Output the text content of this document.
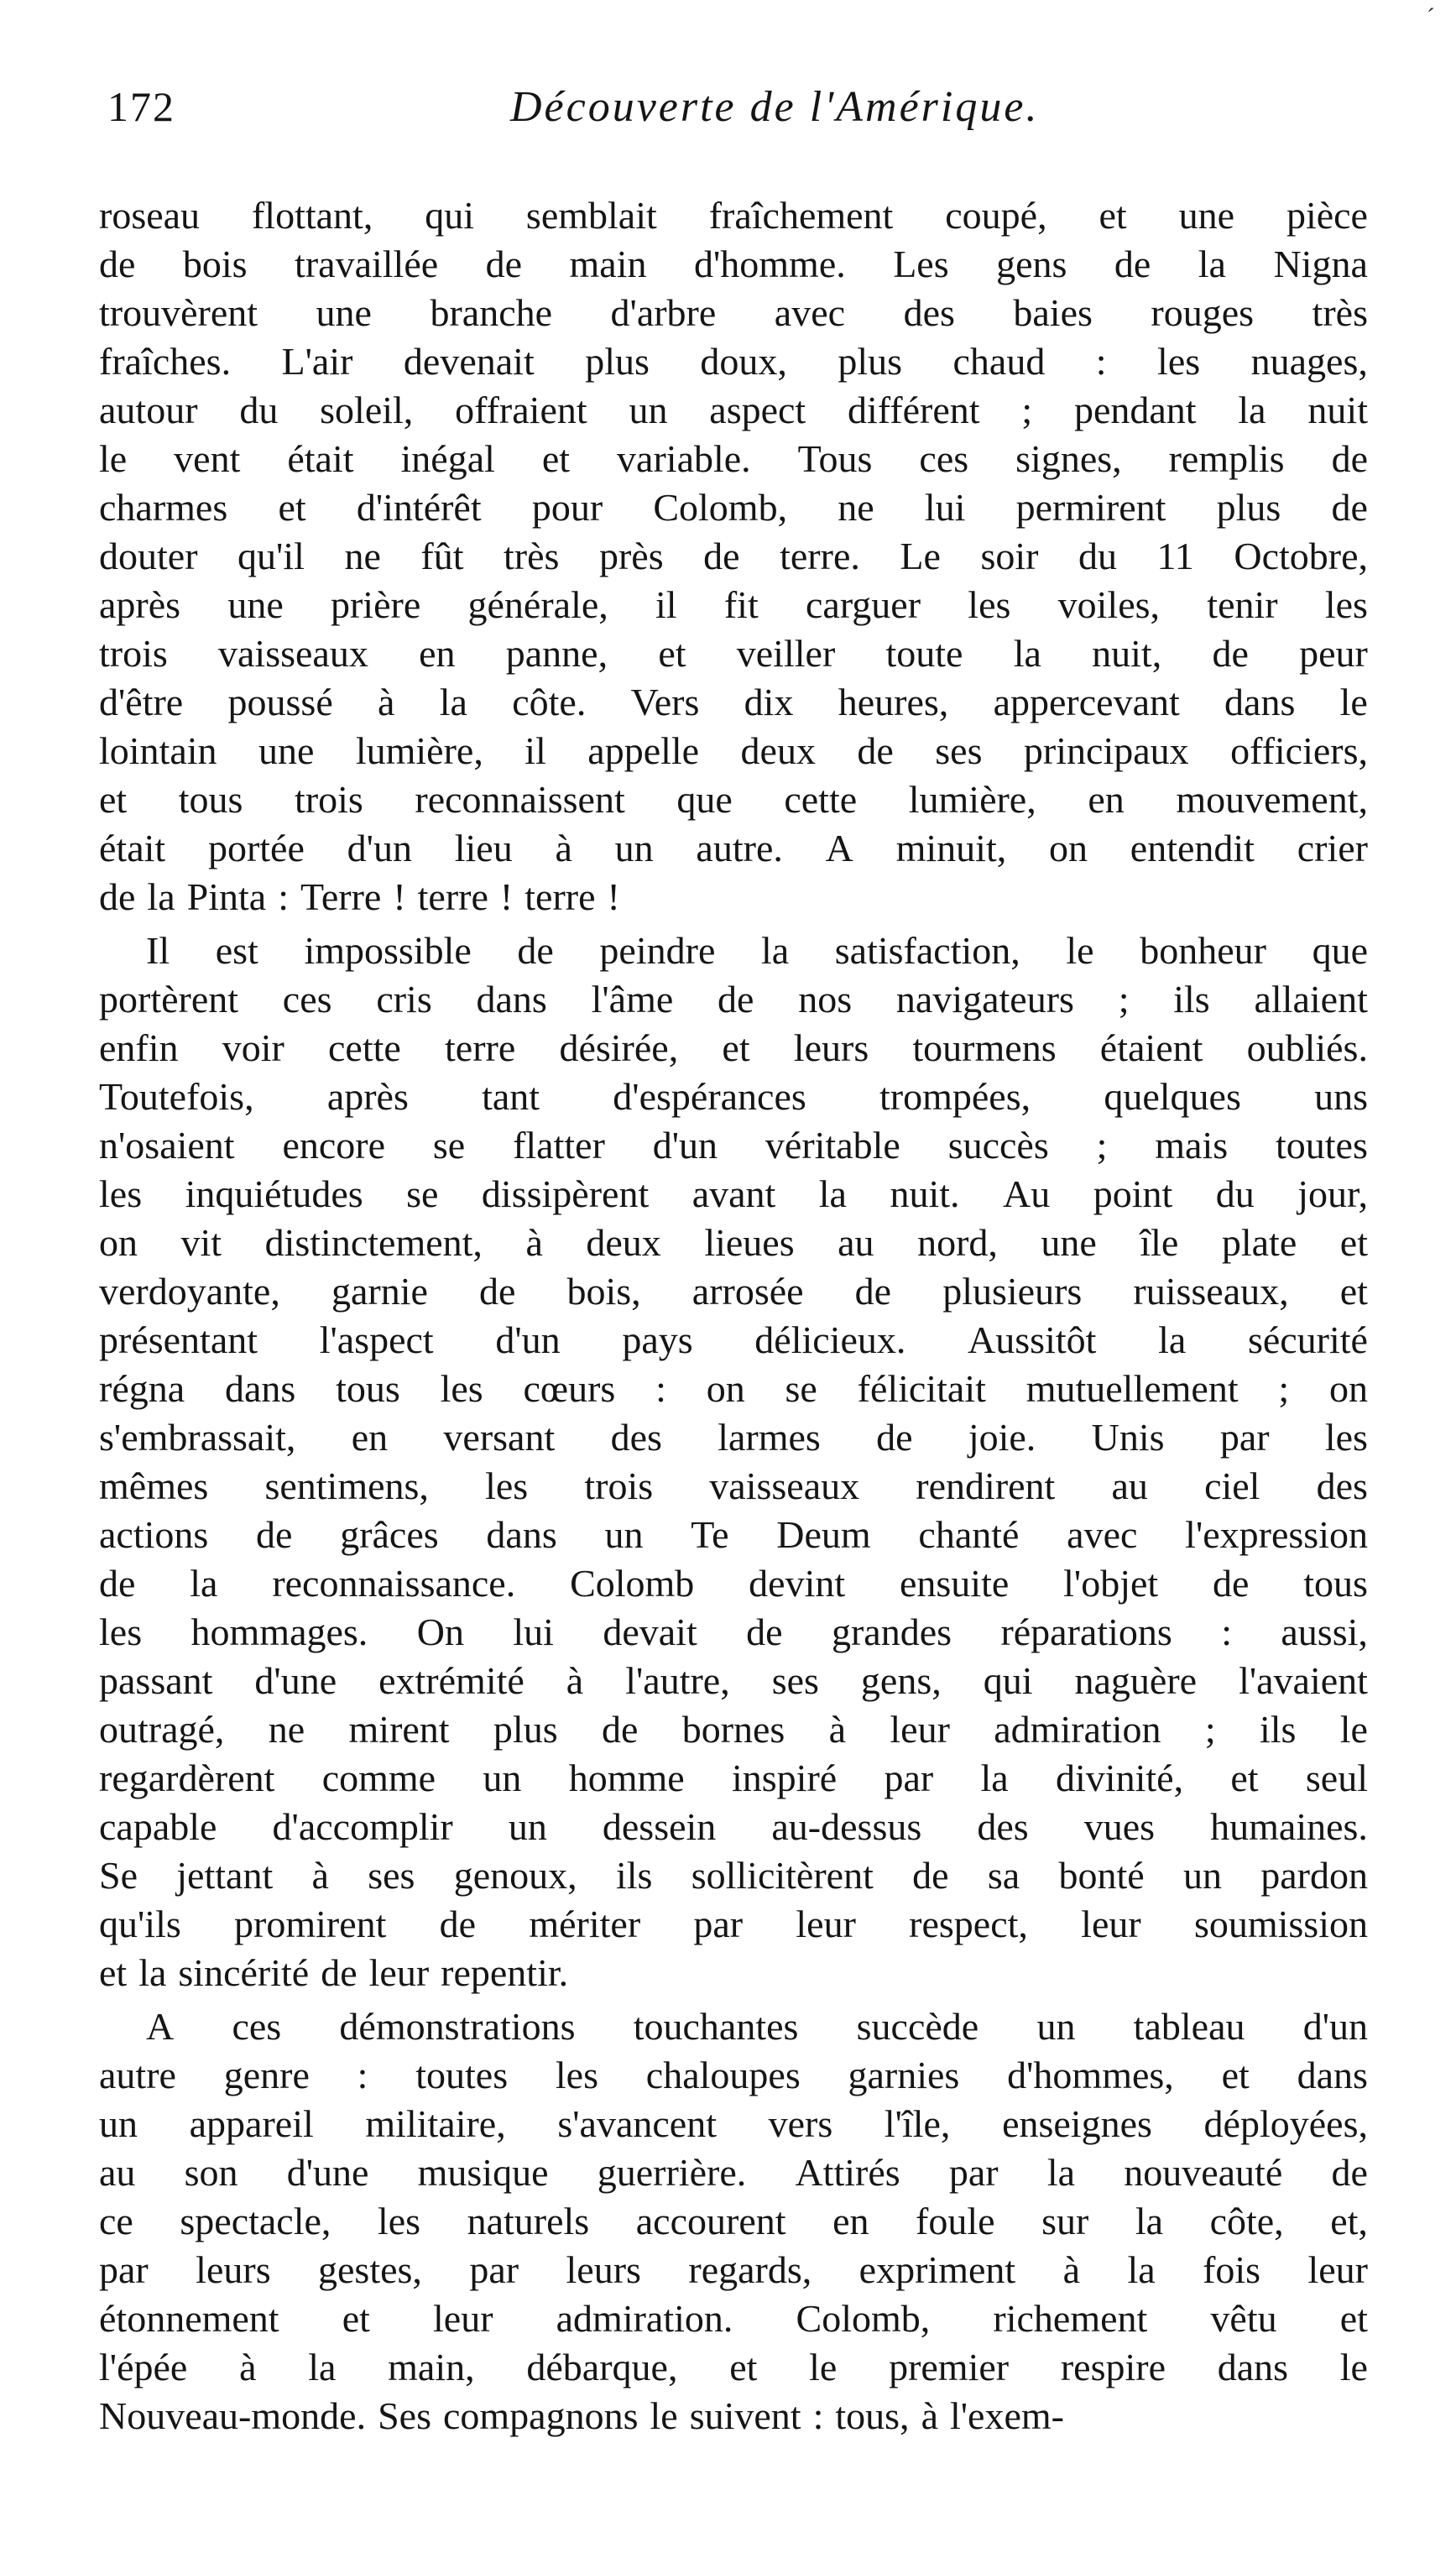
172	Découverte de l'Amérique.
´
roseau flottant, qui semblait fraîchement coupé, et une pièce
de bois travaillée de main d'homme. Les gens de la Nigna
trouvèrent une branche d'arbre avec des baies rouges très
fraîches. L'air devenait plus doux, plus chaud : les nuages,
autour du soleil, offraient un aspect différent ; pendant la nuit
le vent était inégal et variable. Tous ces signes, remplis de
charmes et d'intérêt pour Colomb, ne lui permirent plus de
douter qu'il ne fût très près de terre. Le soir du 11 Octobre,
après une prière générale, il fit carguer les voiles, tenir les
trois vaisseaux en panne, et veiller toute la nuit, de peur
d'être poussé à la côte. Vers dix heures, appercevant dans le
lointain une lumière, il appelle deux de ses principaux officiers,
et tous trois reconnaissent que cette lumière, en mouvement,
était portée d'un lieu à un autre. A minuit, on entendit crier
de la Pinta : Terre ! terre ! terre !
Il est impossible de peindre la satisfaction, le bonheur que
portèrent ces cris dans l'âme de nos navigateurs ; ils allaient
enfin voir cette terre désirée, et leurs tourmens étaient oubliés.
Toutefois, après tant d'espérances trompées, quelques uns
n'osaient encore se flatter d'un véritable succès ; mais toutes
les inquiétudes se dissipèrent avant la nuit. Au point du jour,
on vit distinctement, à deux lieues au nord, une île plate et
verdoyante, garnie de bois, arrosée de plusieurs ruisseaux, et
présentant l'aspect d'un pays délicieux. Aussitôt la sécurité
régna dans tous les cœurs : on se félicitait mutuellement ; on
s'embrassait, en versant des larmes de joie. Unis par les
mêmes sentimens, les trois vaisseaux rendirent au ciel des
actions de grâces dans un Te Deum chanté avec l'expression
de la reconnaissance. Colomb devint ensuite l'objet de tous
les hommages. On lui devait de grandes réparations : aussi,
passant d'une extrémité à l'autre, ses gens, qui naguère l'avaient
outragé, ne mirent plus de bornes à leur admiration ; ils le
regardèrent comme un homme inspiré par la divinité, et seul
capable d'accomplir un dessein au-dessus des vues humaines.
Se jettant à ses genoux, ils sollicitèrent de sa bonté un pardon
qu'ils promirent de mériter par leur respect, leur soumission
et la sincérité de leur repentir.
A ces démonstrations touchantes succède un tableau d'un
autre genre : toutes les chaloupes garnies d'hommes, et dans
un appareil militaire, s'avancent vers l'île, enseignes déployées,
au son d'une musique guerrière. Attirés par la nouveauté de
ce spectacle, les naturels accourent en foule sur la côte, et,
par leurs gestes, par leurs regards, expriment à la fois leur
étonnement et leur admiration. Colomb, richement vêtu et
l'épée à la main, débarque, et le premier respire dans le
Nouveau-monde. Ses compagnons le suivent : tous, à l'exem-
